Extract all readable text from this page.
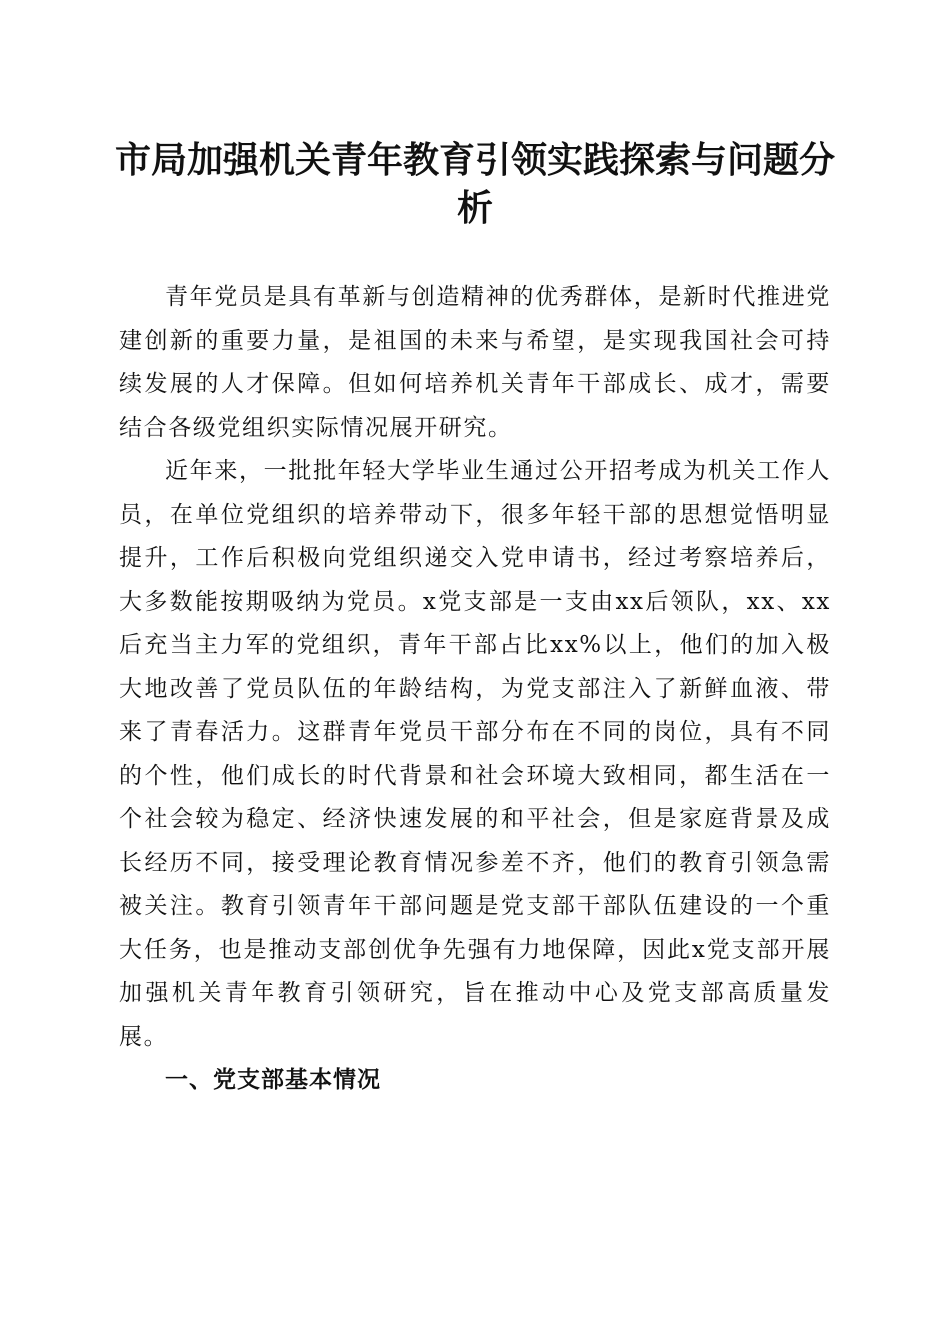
市局加强机关青年教育引领实践探索与问题分析

青年党员是具有革新与创造精神的优秀群体，是新时代推进党建创新的重要力量，是祖国的未来与希望，是实现我国社会可持续发展的人才保障。但如何培养机关青年干部成长、成才，需要结合各级党组织实际情况展开研究。

近年来，一批批年轻大学毕业生通过公开招考成为机关工作人员，在单位党组织的培养带动下，很多年轻干部的思想觉悟明显提升，工作后积极向党组织递交入党申请书，经过考察培养后，大多数能按期吸纳为党员。x党支部是一支由xx后领队，xx、xx后充当主力军的党组织，青年干部占比xx%以上，他们的加入极大地改善了党员队伍的年龄结构，为党支部注入了新鲜血液、带来了青春活力。这群青年党员干部分布在不同的岗位，具有不同的个性，他们成长的时代背景和社会环境大致相同，都生活在一个社会较为稳定、经济快速发展的和平社会，但是家庭背景及成长经历不同，接受理论教育情况参差不齐，他们的教育引领急需被关注。教育引领青年干部问题是党支部干部队伍建设的一个重大任务，也是推动支部创优争先强有力地保障，因此x党支部开展加强机关青年教育引领研究，旨在推动中心及党支部高质量发展。

一、党支部基本情况
